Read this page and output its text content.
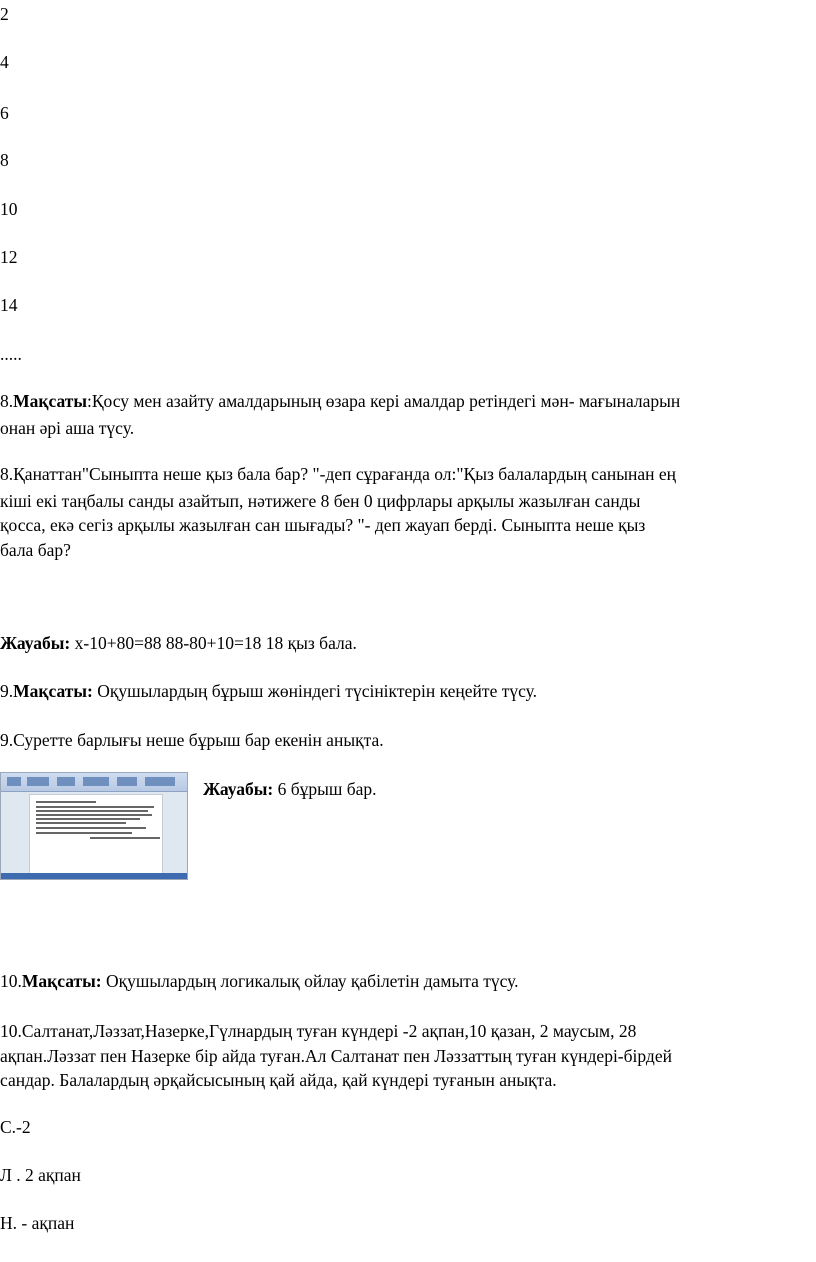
2
4
6
8
10
12
14
.....
8.Мақсаты:Қосу мен азайту амалдарының өзара кері амалдар ретіндегі мән- мағыналарын
онан әрі аша түсу.
8.Қанаттан"Сыныпта неше қыз бала бар? "-деп сұрағанда ол:"Қыз балалардың санынан ең
кіші екі таңбалы санды азайтып, нәтижеге 8 бен 0 цифрлары арқылы жазылған санды
қосса, екә сегіз арқылы жазылған сан шығады? "- деп жауап берді. Сыныпта неше қыз
бала бар?
Жауабы: х-10+80=88 88-80+10=18 18 қыз бала.
9.Мақсаты: Оқушылардың бұрыш жөніндегі түсініктерін кеңейте түсу.
9.Суретте барлығы неше бұрыш бар екенін анықта.
Жауабы: 6 бұрыш бар.
10.Мақсаты: Оқушылардың логикалық ойлау қабілетін дамыта түсу.
10.Салтанат,Ләззат,Назерке,Гүлнардың туған күндері -2 ақпан,10 қазан, 2 маусым, 28
ақпан.Ләззат пен Назерке бір айда туған.Ал Салтанат пен Ләззаттың туған күндері-бірдей
сандар. Балалардың әрқайсысының қай айда, қай күндері туғанын анықта.
С.-2
Л . 2 ақпан
Н. - ақпан
